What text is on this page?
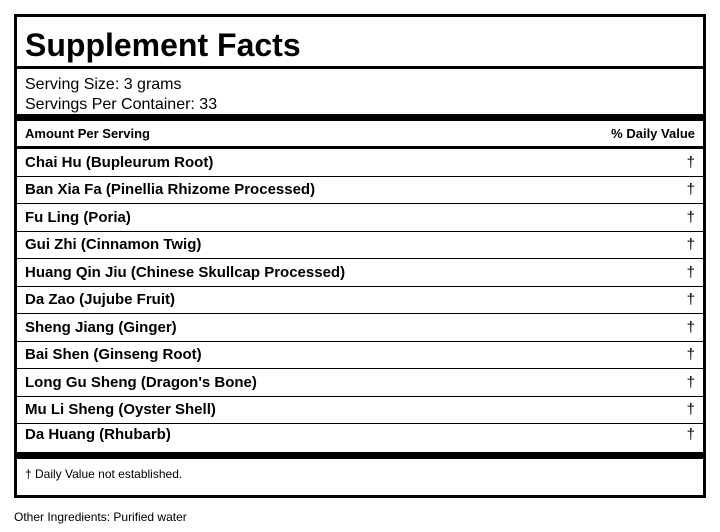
Supplement Facts
Serving Size: 3 grams
Servings Per Container: 33
Amount Per Serving	% Daily Value
Chai Hu (Bupleurum Root)	†
Ban Xia Fa (Pinellia Rhizome Processed)	†
Fu Ling (Poria)	†
Gui Zhi (Cinnamon Twig)	†
Huang Qin Jiu (Chinese Skullcap Processed)	†
Da Zao (Jujube Fruit)	†
Sheng Jiang (Ginger)	†
Bai Shen (Ginseng Root)	†
Long Gu Sheng (Dragon's Bone)	†
Mu Li Sheng (Oyster Shell)	†
Da Huang (Rhubarb)	†
† Daily Value not established.
Other Ingredients: Purified water
